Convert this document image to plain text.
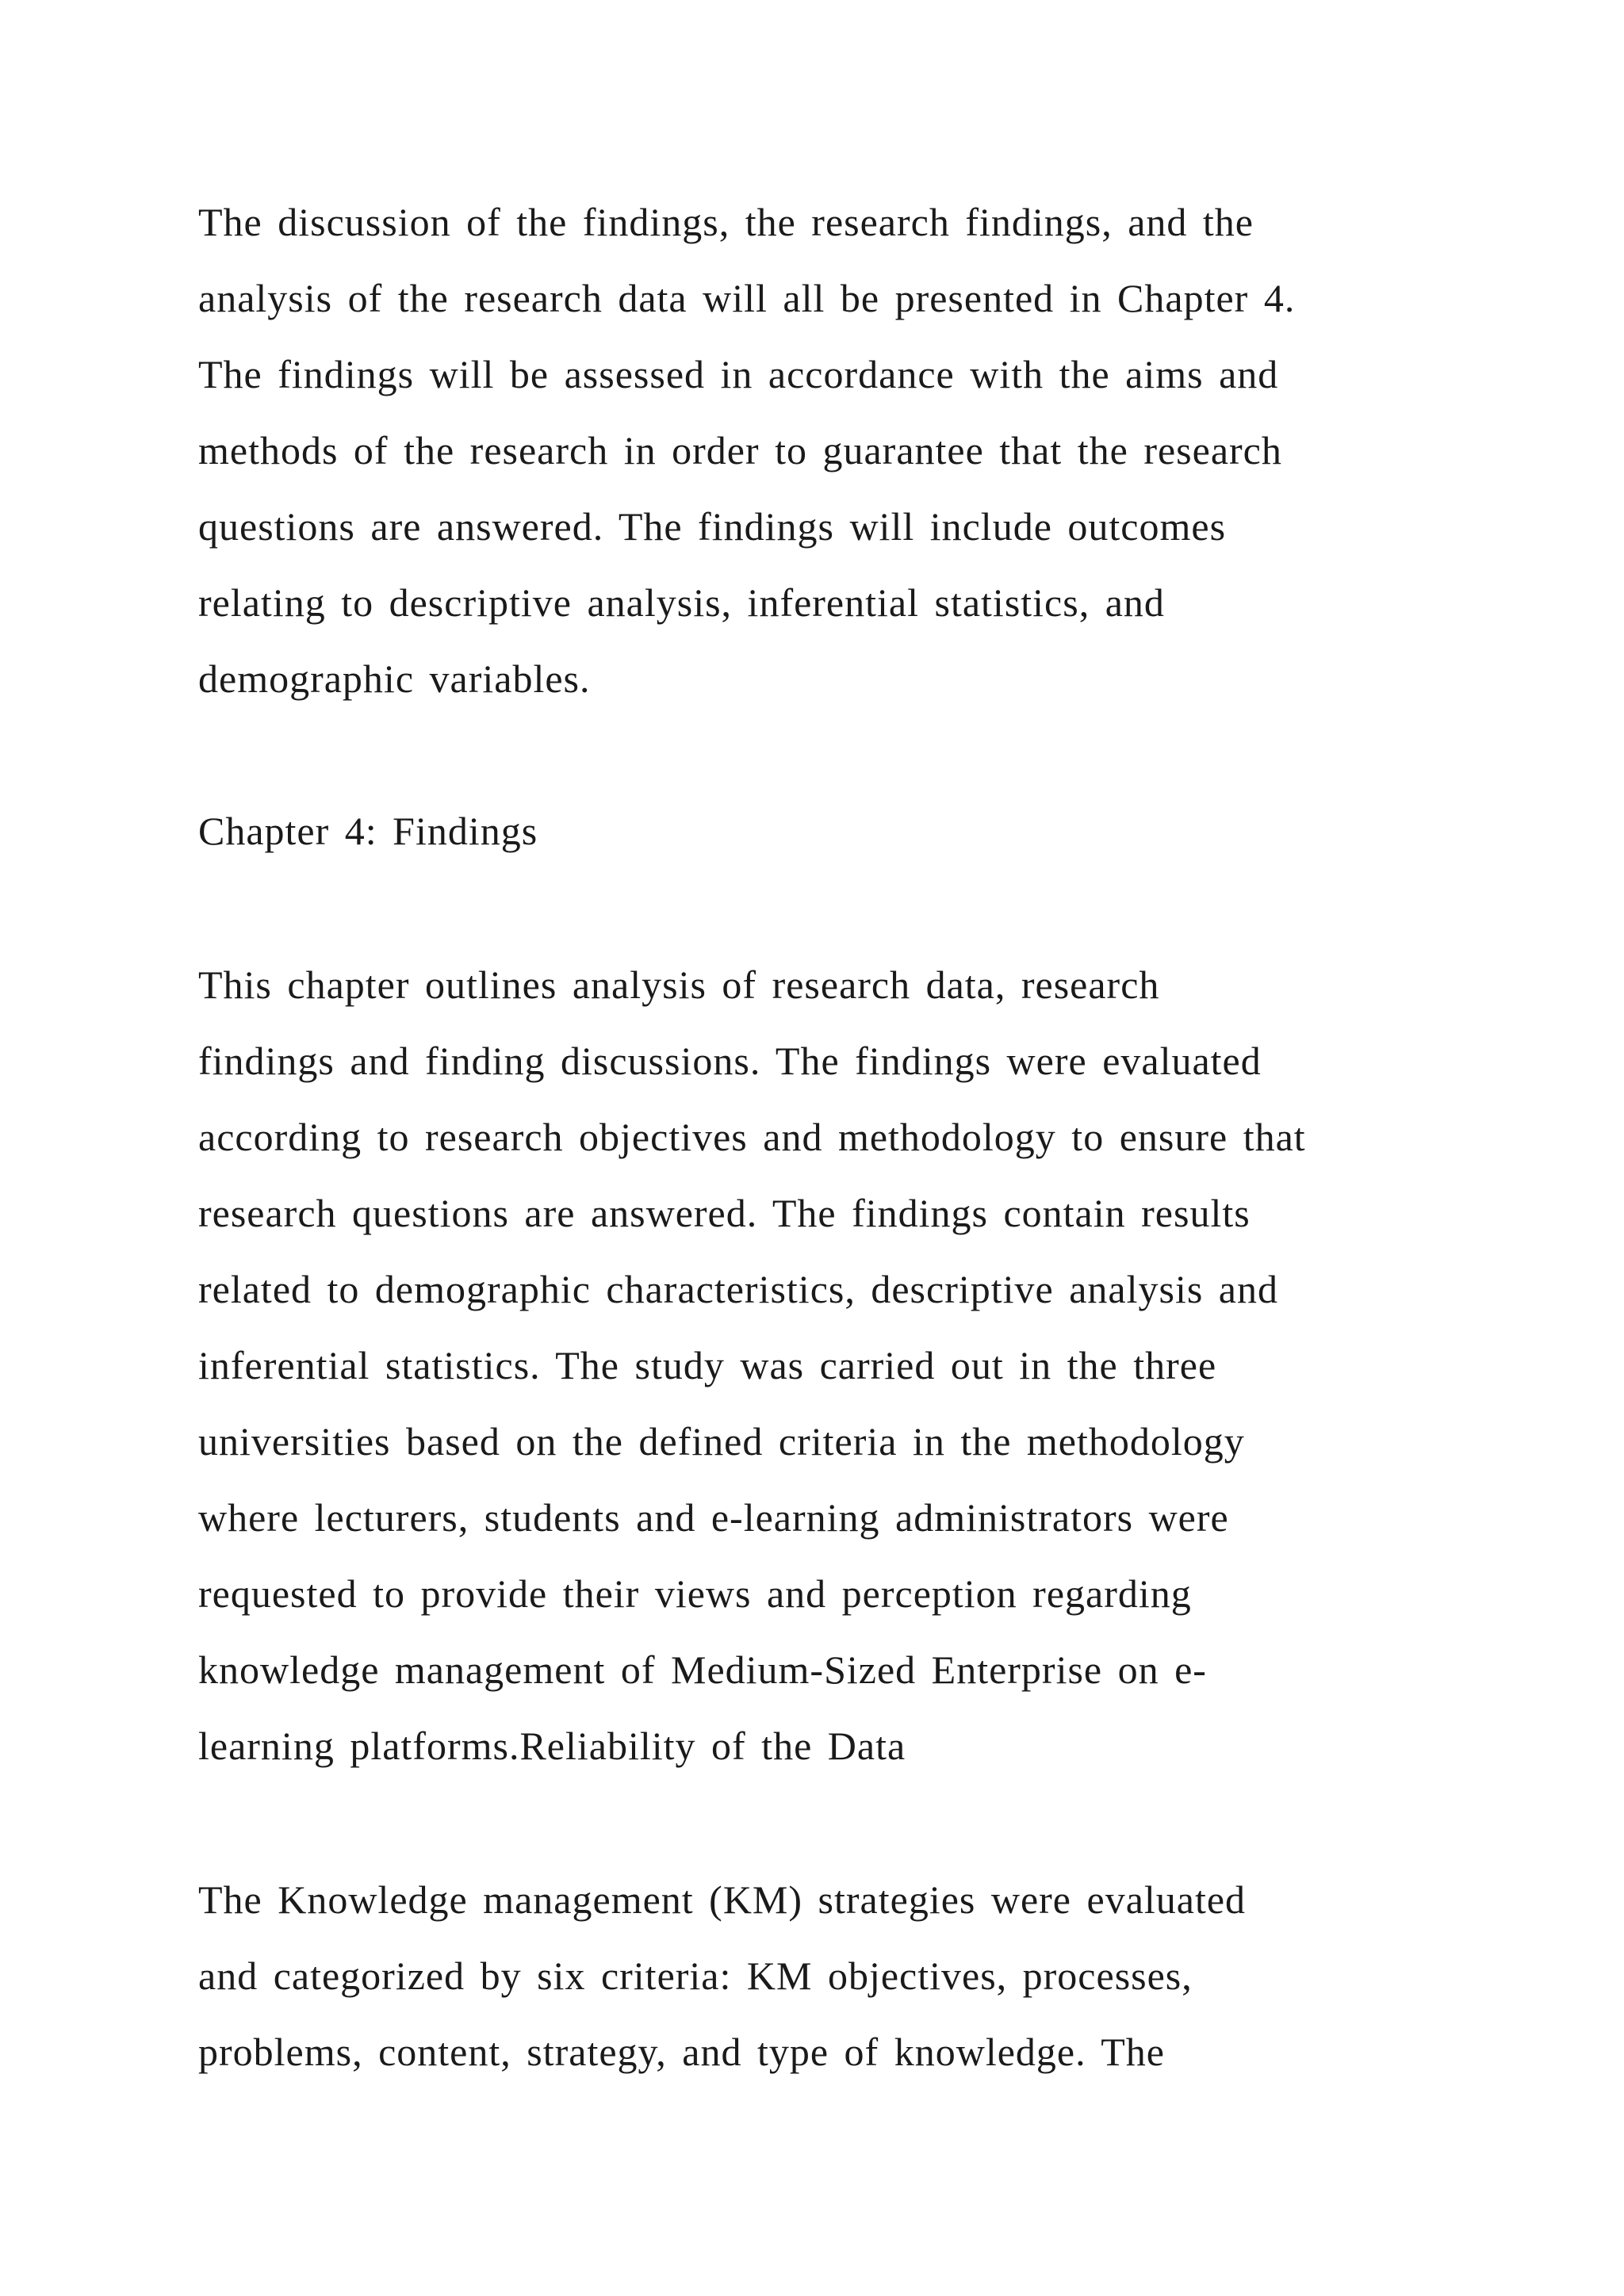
The discussion of the findings, the research findings, and the
analysis of the research data will all be presented in Chapter 4.
The findings will be assessed in accordance with the aims and
methods of the research in order to guarantee that the research
questions are answered. The findings will include outcomes
relating to descriptive analysis, inferential statistics, and
demographic variables.
Chapter 4: Findings
This chapter outlines analysis of research data, research
findings and finding discussions. The findings were evaluated
according to research objectives and methodology to ensure that
research questions are answered. The findings contain results
related to demographic characteristics, descriptive analysis and
inferential statistics. The study was carried out in the three
universities based on the defined criteria in the methodology
where lecturers, students and e-learning administrators were
requested to provide their views and perception regarding
knowledge management of Medium-Sized Enterprise on e-
learning platforms.Reliability of the Data
The Knowledge management (KM) strategies were evaluated
and categorized by six criteria: KM objectives, processes,
problems, content, strategy, and type of knowledge. The
